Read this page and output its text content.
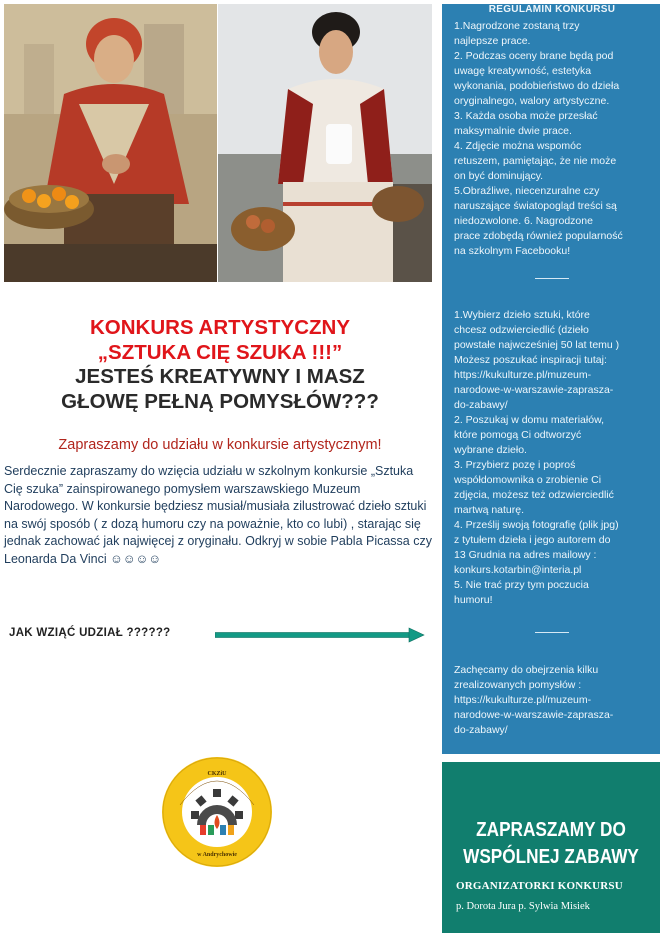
REGULAMIN KONKURSU
1.Nagrodzone zostaną trzy
najlepsze prace.
2. Podczas oceny brane będą pod
uwagę kreatywność, estetyka
wykonania, podobieństwo do dzieła
oryginalnego, walory artystyczne.
3. Każda osoba może przesłać
maksymalnie dwie prace.
4. Zdjęcie można wspomóc
retuszem, pamiętając, że nie może
on być dominujący.
5.Obraźliwe, niecenzuralne czy
naruszające światopogląd treści są
niedozwolone. 6. Nagrodzone
prace zdobędą również popularność
na szkolnym Facebooku!
1.Wybierz dzieło sztuki, które
chcesz odzwierciedlić (dzieło
powstałe najwcześniej 50 lat temu )
Możesz poszukać inspiracji tutaj:
https://kukulturze.pl/muzeum-
narodowe-w-warszawie-zapraszа-
do-zabawy/
2. Poszukaj w domu materiałów,
które pomogą Ci odtworzyć
wybrane dzieło.
3. Przybierz pozę i poproś
współdomownika o zrobienie Ci
zdjęcia, możesz też odzwierciedlić
martwą naturę.
4. Prześlij swoją fotografię (plik jpg)
z tytułem dzieła i jego autorem do
13 Grudnia na adres mailowy :
konkurs.kotarbin@interia.pl
5. Nie trać przy tym poczucia
humoru!
Zachęcamy do obejrzenia kilku
zrealizowanych pomysłów :
https://kukulturze.pl/muzeum-
narodowe-w-warszawie-zapraszа-
do-zabawy/
ZAPRASZAMY DO
WSPÓLNEJ ZABAWY
ORGANIZATORKI KONKURSU
p. Dorota Jura p. Sylwia Misiek
KONKURS ARTYSTYCZNY
„SZTUKA CIĘ SZUKA !!!”
JESTEŚ KREATYWNY I MASZ
GŁOWĘ PEŁNĄ POMYSŁÓW???
Zapraszamy do udziału w konkursie artystycznym!
Serdecznie zapraszamy do wzięcia udziału w szkolnym konkursie „Sztuka Cię szuka” zainspirowanego pomysłem warszawskiego Muzeum Narodowego. W konkursie będziesz musiał/musiała zilustrować dzieło sztuki na swój sposób ( z dozą humoru czy na poważnie, kto co lubi) , starając się jednak zachować jak najwięcej z oryginału. Odkryj w sobie Pabla Picassa czy Leonarda Da Vinci ☺☺☺☺
JAK WZIĄĆ UDZIAŁ ??????
CKZiU
w Andrychowie
